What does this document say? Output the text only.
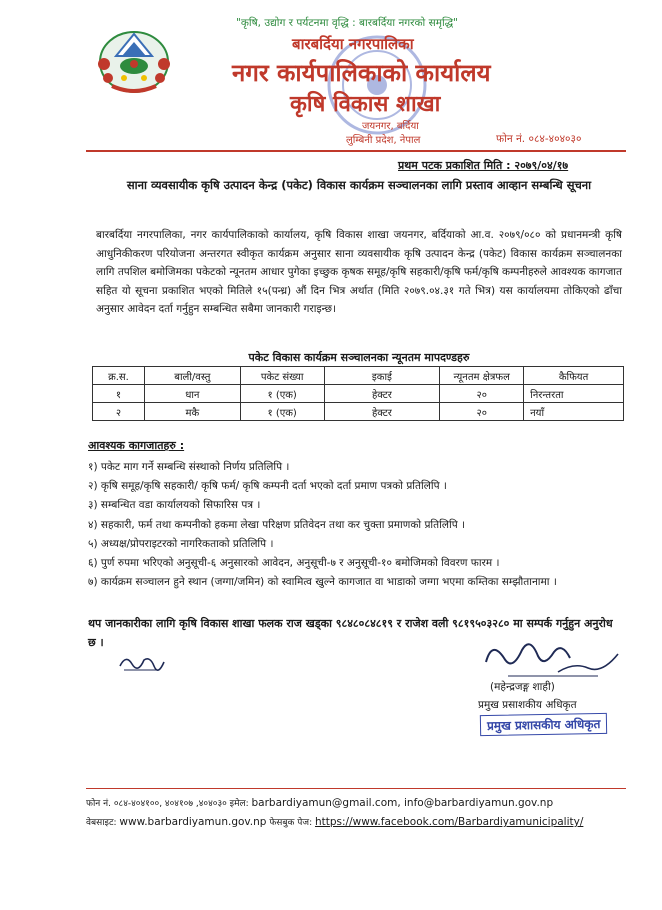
"कृषि, उद्योग र पर्यटनमा वृद्धि : बारबर्दिया नगरको समृद्धि"
बारबर्दिया नगरपालिका
नगर कार्यपालिकाको कार्यालय
कृषि विकास शाखा
जयनगर, बर्दिया
लुम्बिनी प्रदेश, नेपाल	फोन नं. ०८४-४०४०३०
प्रथम पटक प्रकाशित मिति : २०७९/०४/१७
साना व्यवसायीक कृषि उत्पादन केन्द्र (पकेट) विकास कार्यक्रम सञ्चालनका लागि प्रस्ताव आव्हान सम्बन्धि सूचना
बारबर्दिया नगरपालिका, नगर कार्यपालिकाको कार्यालय, कृषि विकास शाखा जयनगर, बर्दियाको आ.व. २०७९/०८० को प्रधानमन्त्री कृषि आधुनिकीकरण परियोजना अन्तरगत स्वीकृत कार्यक्रम अनुसार साना व्यवसायीक कृषि उत्पादन केन्द्र (पकेट) विकास कार्यक्रम सञ्चालनका लागि तपशिल बमोजिमका पकेटको न्यूनतम आधार पुगेका इच्छुक कृषक समूह/कृषि सहकारी/कृषि फर्म/कृषि कम्पनीहरुले आवश्यक कागजात सहित यो सूचना प्रकाशित भएको मितिले १५(पन्ध्र) औं दिन भित्र अर्थात (मिति २०७९.०४.३१ गते भित्र) यस कार्यालयमा तोकिएको ढाँचा अनुसार आवेदन दर्ता गर्नुहुन सम्बन्धित सबैमा जानकारी गराइन्छ।
पकेट विकास कार्यक्रम सञ्चालनका न्यूनतम मापदण्डहरु
क्र.स.	बाली/वस्तु	पकेट संख्या	इकाई	न्यूनतम क्षेत्रफल	कैफियत
१	धान	१ (एक)	हेक्टर	२०	निरन्तरता
२	मकै	१ (एक)	हेक्टर	२०	नयाँ
आवश्यक कागजातहरु :
१) पकेट माग गर्ने सम्बन्धि संस्थाको निर्णय प्रतिलिपि ।
२) कृषि समूह/कृषि सहकारी/ कृषि फर्म/ कृषि कम्पनी दर्ता भएको दर्ता प्रमाण पत्रको प्रतिलिपि ।
३) सम्बन्धित वडा कार्यालयको सिफारिस पत्र ।
४) सहकारी, फर्म तथा कम्पनीको हकमा लेखा परिक्षण प्रतिवेदन तथा कर चुक्ता प्रमाणको प्रतिलिपि ।
५) अध्यक्ष/प्रोपराइटरको नागरिकताको प्रतिलिपि ।
६) पुर्ण रुपमा भरिएको अनुसूची-६ अनुसारको आवेदन, अनुसूची-७ र अनुसूची-१० बमोजिमको विवरण फारम ।
७) कार्यक्रम सञ्चालन हुने स्थान (जग्गा/जमिन) को स्वामित्व खुल्ने कागजात वा भाडाको जग्गा भएमा कम्तिका सम्झौतानामा ।
थप जानकारीका लागि कृषि विकास शाखा फलक राज खड्का ९८४८०८४८१९ र राजेश वली ९८१९५०३२८० मा सम्पर्क गर्नुहुन अनुरोध छ ।
(महेन्द्रजङ्ग शाही)
प्रमुख प्रसाशकीय अधिकृत
प्रमुख प्रशासकीय अधिकृत
फोन नं. ०८४-४०४१००, ४०४१०७ ,४०४०३० इमेल: barbardiyamun@gmail.com, info@barbardiyamun.gov.np
वेबसाइट: www.barbardiyamun.gov.np फेसबुक पेज: https://www.facebook.com/Barbardiyamunicipality/
